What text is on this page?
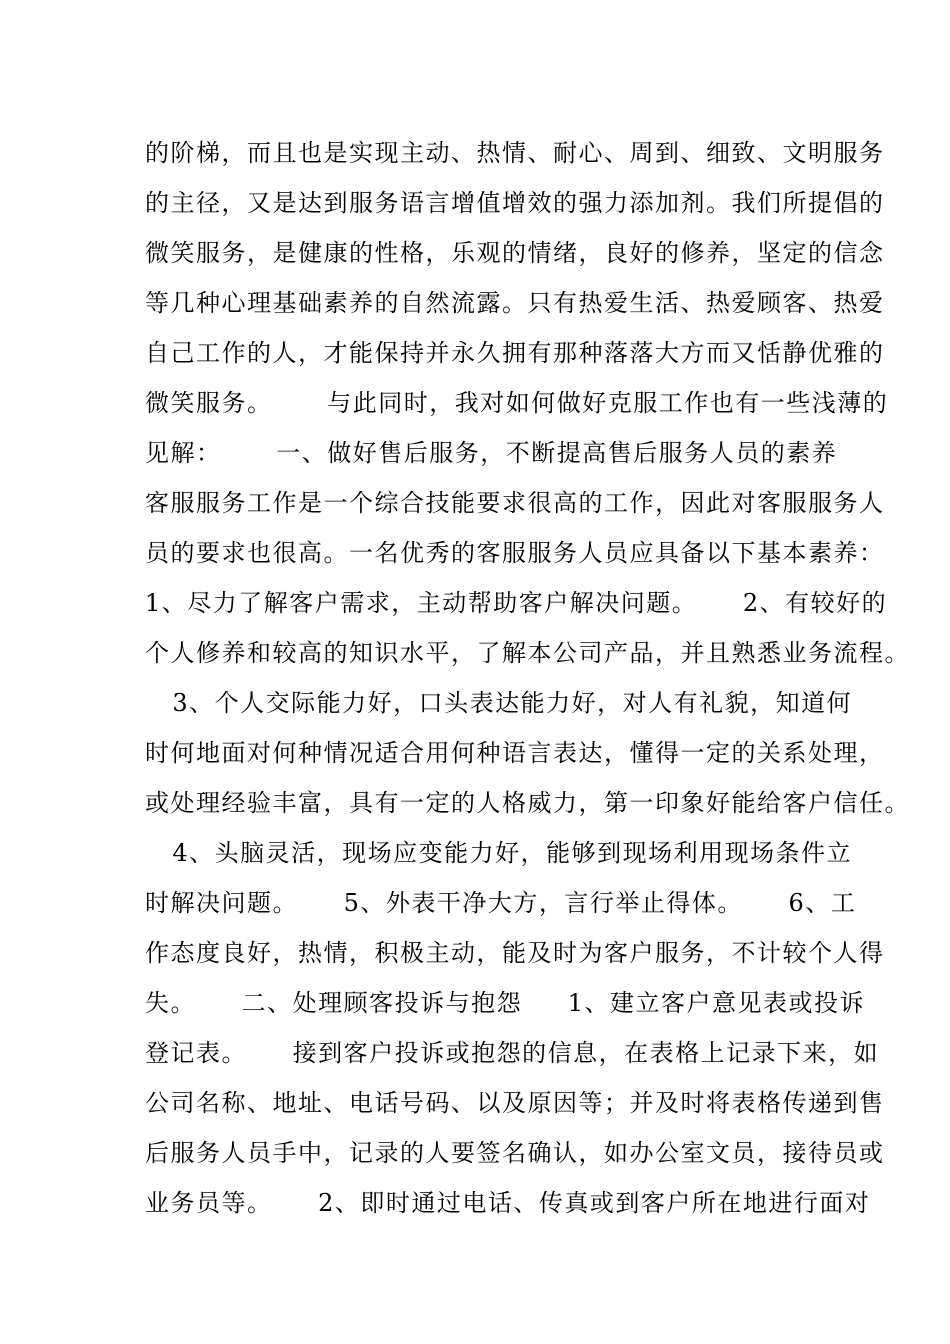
的阶梯，而且也是实现主动、热情、耐心、周到、细致、文明服务

的主径，又是达到服务语言增值增效的强力添加剂。我们所提倡的

微笑服务，是健康的性格，乐观的情绪，良好的修养，坚定的信念

等几种心理基础素养的自然流露。只有热爱生活、热爱顾客、热爱

自己工作的人，才能保持并永久拥有那种落落大方而又恬静优雅的

微笑服务。      与此同时，我对如何做好克服工作也有一些浅薄的

见解：      一、做好售后服务，不断提高售后服务人员的素养

客服服务工作是一个综合技能要求很高的工作，因此对客服服务人

员的要求也很高。一名优秀的客服服务人员应具备以下基本素养：

1、尽力了解客户需求，主动帮助客户解决问题。     2、有较好的

个人修养和较高的知识水平，了解本公司产品，并且熟悉业务流程。

3、个人交际能力好，口头表达能力好，对人有礼貌，知道何

时何地面对何种情况适合用何种语言表达，懂得一定的关系处理，

或处理经验丰富，具有一定的人格威力，第一印象好能给客户信任。

4、头脑灵活，现场应变能力好，能够到现场利用现场条件立

时解决问题。     5、外表干净大方，言行举止得体。     6、工

作态度良好，热情，积极主动，能及时为客户服务，不计较个人得

失。     二、处理顾客投诉与抱怨     1、建立客户意见表或投诉

登记表。     接到客户投诉或抱怨的信息，在表格上记录下来，如

公司名称、地址、电话号码、以及原因等；并及时将表格传递到售

后服务人员手中，记录的人要签名确认，如办公室文员，接待员或

业务员等。     2、即时通过电话、传真或到客户所在地进行面对
